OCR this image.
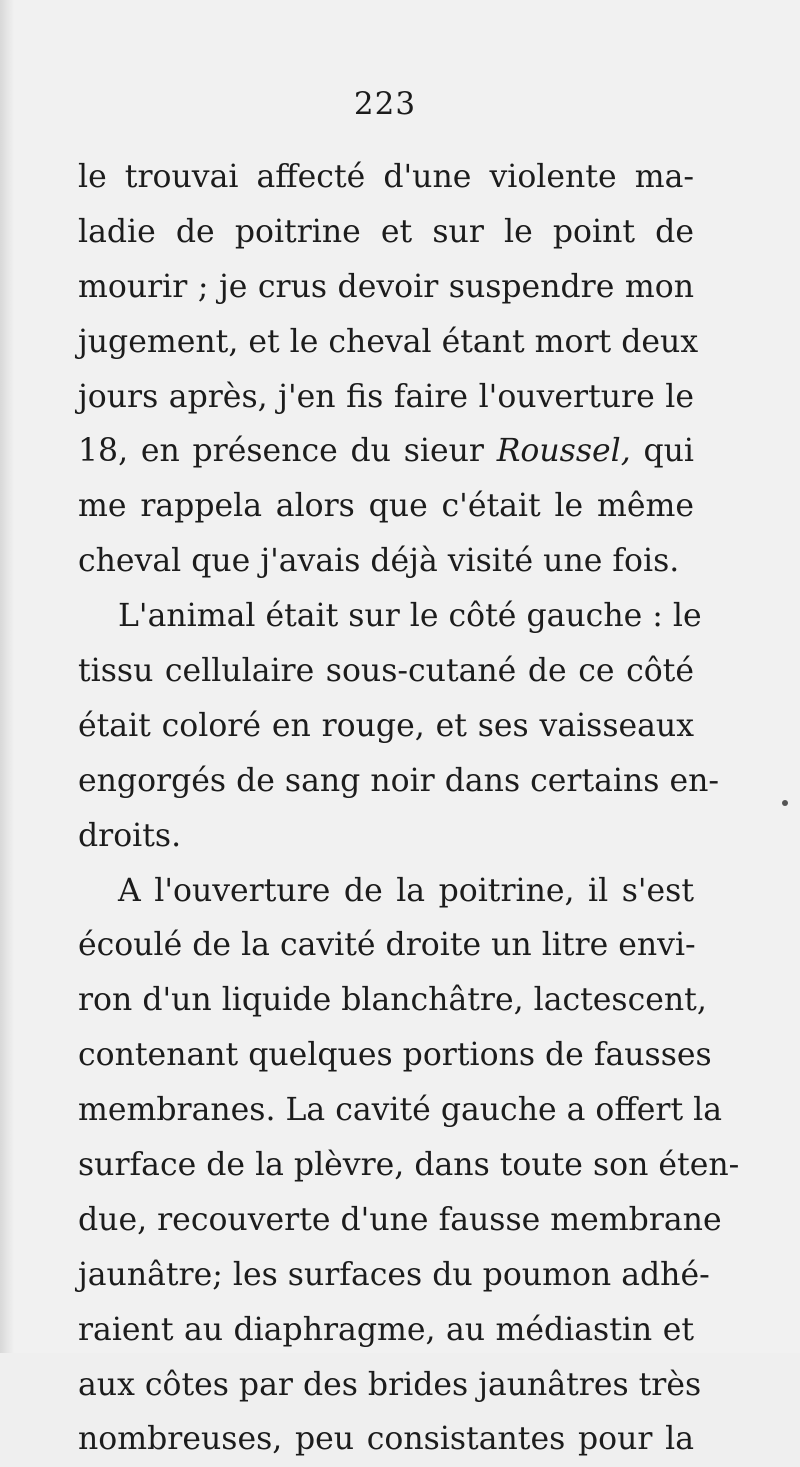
223
le trouvai affecté d'une violente ma-
ladie de poitrine et sur le point de
mourir ; je crus devoir suspendre mon
jugement, et le cheval étant mort deux
jours après, j'en fis faire l'ouverture le
18, en présence du sieur Roussel, qui
me rappela alors que c'était le même
cheval que j'avais déjà visité une fois.
L'animal était sur le côté gauche : le
tissu cellulaire sous-cutané de ce côté
était coloré en rouge, et ses vaisseaux
engorgés de sang noir dans certains en-
droits.
A l'ouverture de la poitrine, il s'est
écoulé de la cavité droite un litre envi-
ron d'un liquide blanchâtre, lactescent,
contenant quelques portions de fausses
membranes. La cavité gauche a offert la
surface de la plèvre, dans toute son éten-
due, recouverte d'une fausse membrane
jaunâtre; les surfaces du poumon adhé-
raient au diaphragme, au médiastin et
aux côtes par des brides jaunâtres très
nombreuses, peu consistantes pour la
